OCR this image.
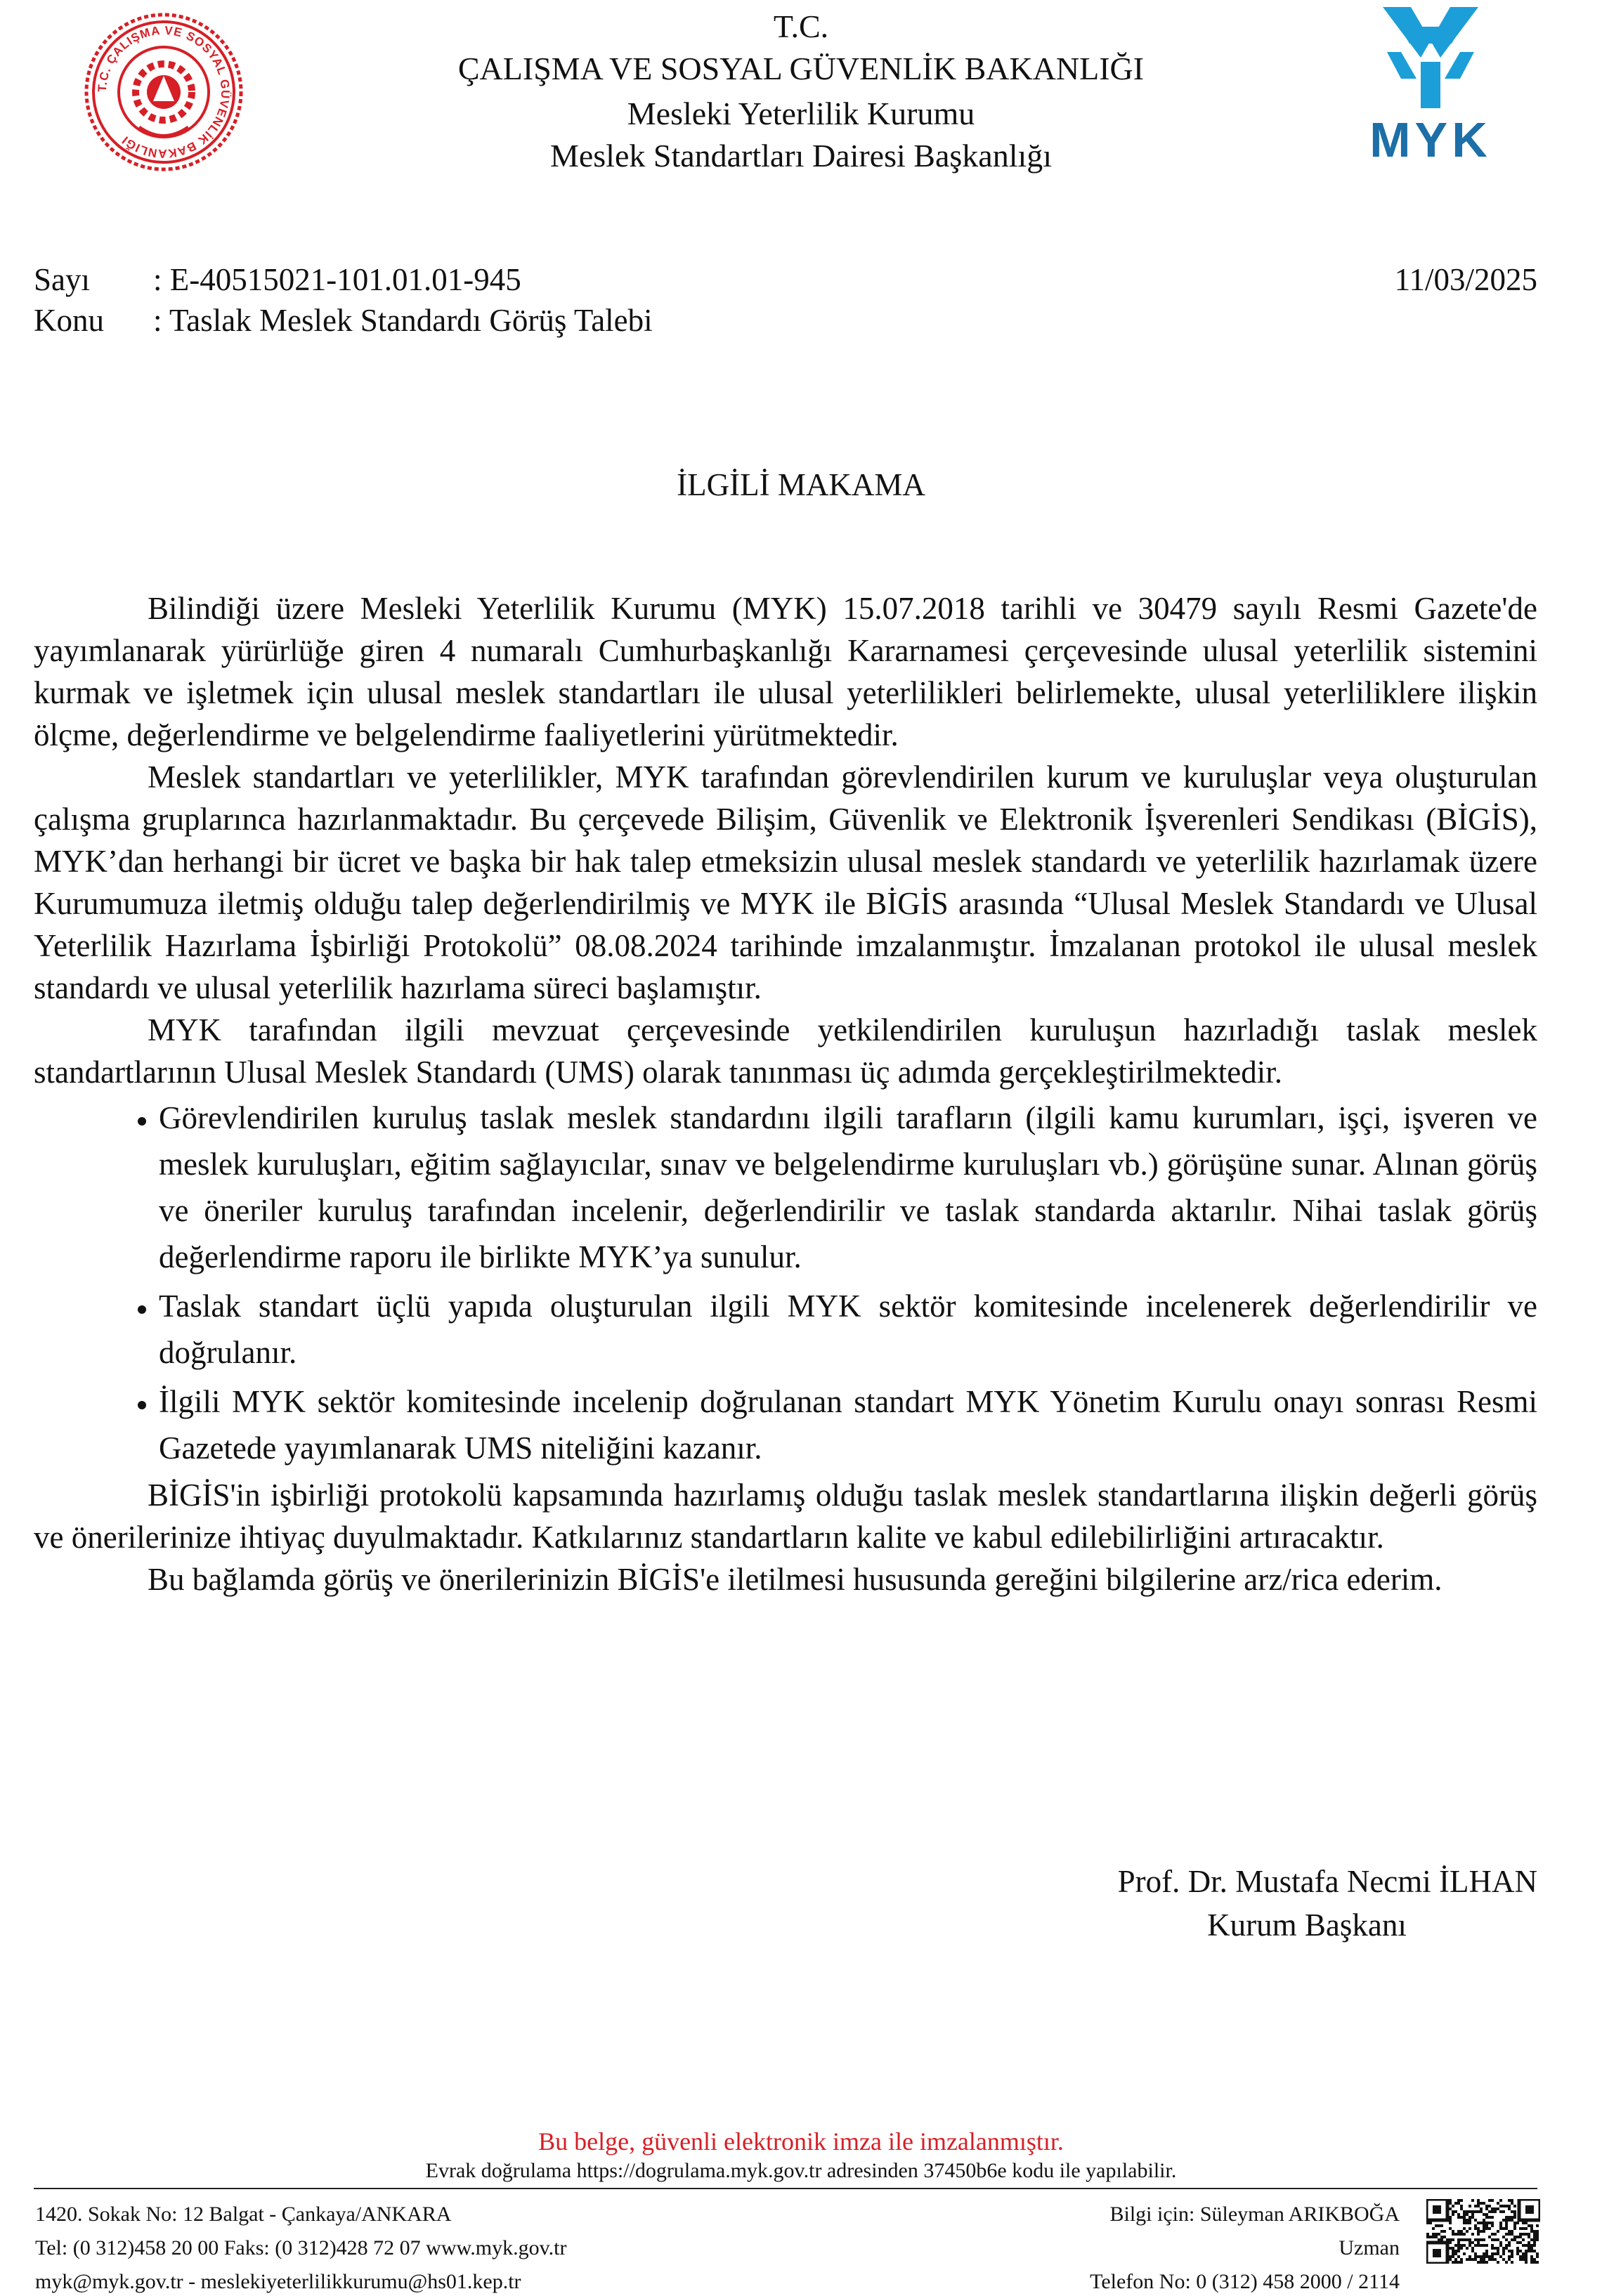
T.C. ÇALIŞMA VE SOSYAL GÜVENLİK BAKANLIĞI
T.C.
ÇALIŞMA VE SOSYAL GÜVENLİK BAKANLIĞI
Mesleki Yeterlilik Kurumu
Meslek Standartları Dairesi Başkanlığı	MYK
Sayı : E-40515021-101.01.01-945	11/03/2025
Konu : Taslak Meslek Standardı Görüş Talebi
İLGİLİ MAKAMA

Bilindiği üzere Mesleki Yeterlilik Kurumu (MYK) 15.07.2018 tarihli ve 30479 sayılı Resmi Gazete'de yayımlanarak yürürlüğe giren 4 numaralı Cumhurbaşkanlığı Kararnamesi çerçevesinde ulusal yeterlilik sistemini kurmak ve işletmek için ulusal meslek standartları ile ulusal yeterlilikleri belirlemekte, ulusal yeterliliklere ilişkin ölçme, değerlendirme ve belgelendirme faaliyetlerini yürütmektedir.

Meslek standartları ve yeterlilikler, MYK tarafından görevlendirilen kurum ve kuruluşlar veya oluşturulan çalışma gruplarınca hazırlanmaktadır. Bu çerçevede Bilişim, Güvenlik ve Elektronik İşverenleri Sendikası (BİGİS), MYK’dan herhangi bir ücret ve başka bir hak talep etmeksizin ulusal meslek standardı ve yeterlilik hazırlamak üzere Kurumumuza iletmiş olduğu talep değerlendirilmiş ve MYK ile BİGİS arasında “Ulusal Meslek Standardı ve Ulusal Yeterlilik Hazırlama İşbirliği Protokolü” 08.08.2024 tarihinde imzalanmıştır. İmzalanan protokol ile ulusal meslek standardı ve ulusal yeterlilik hazırlama süreci başlamıştır.

MYK tarafından ilgili mevzuat çerçevesinde yetkilendirilen kuruluşun hazırladığı taslak meslek standartlarının Ulusal Meslek Standardı (UMS) olarak tanınması üç adımda gerçekleştirilmektedir.

Görevlendirilen kuruluş taslak meslek standardını ilgili tarafların (ilgili kamu kurumları, işçi, işveren ve meslek kuruluşları, eğitim sağlayıcılar, sınav ve belgelendirme kuruluşları vb.) görüşüne sunar. Alınan görüş ve öneriler kuruluş tarafından incelenir, değerlendirilir ve taslak standarda aktarılır. Nihai taslak görüş değerlendirme raporu ile birlikte MYK’ya sunulur.
Taslak standart üçlü yapıda oluşturulan ilgili MYK sektör komitesinde incelenerek değerlendirilir ve doğrulanır.
İlgili MYK sektör komitesinde incelenip doğrulanan standart MYK Yönetim Kurulu onayı sonrası Resmi Gazetede yayımlanarak UMS niteliğini kazanır.

BİGİS'in işbirliği protokolü kapsamında hazırlamış olduğu taslak meslek standartlarına ilişkin değerli görüş ve önerilerinize ihtiyaç duyulmaktadır. Katkılarınız standartların kalite ve kabul edilebilirliğini artıracaktır.

Bu bağlamda görüş ve önerilerinizin BİGİS'e iletilmesi hususunda gereğini bilgilerine arz/rica ederim.

Prof. Dr. Mustafa Necmi İLHAN
Kurum Başkanı
Bu belge, güvenli elektronik imza ile imzalanmıştır.
Evrak doğrulama https://dogrulama.myk.gov.tr adresinden 37450b6e kodu ile yapılabilir.
1420. Sokak No: 12 Balgat - Çankaya/ANKARA
Tel: (0 312)458 20 00 Faks: (0 312)428 72 07 www.myk.gov.tr
myk@myk.gov.tr - meslekiyeterlilikkurumu@hs01.kep.tr
Bilgi için: Süleyman ARIKBOĞA
Uzman
Telefon No: 0 (312) 458 2000 / 2114
